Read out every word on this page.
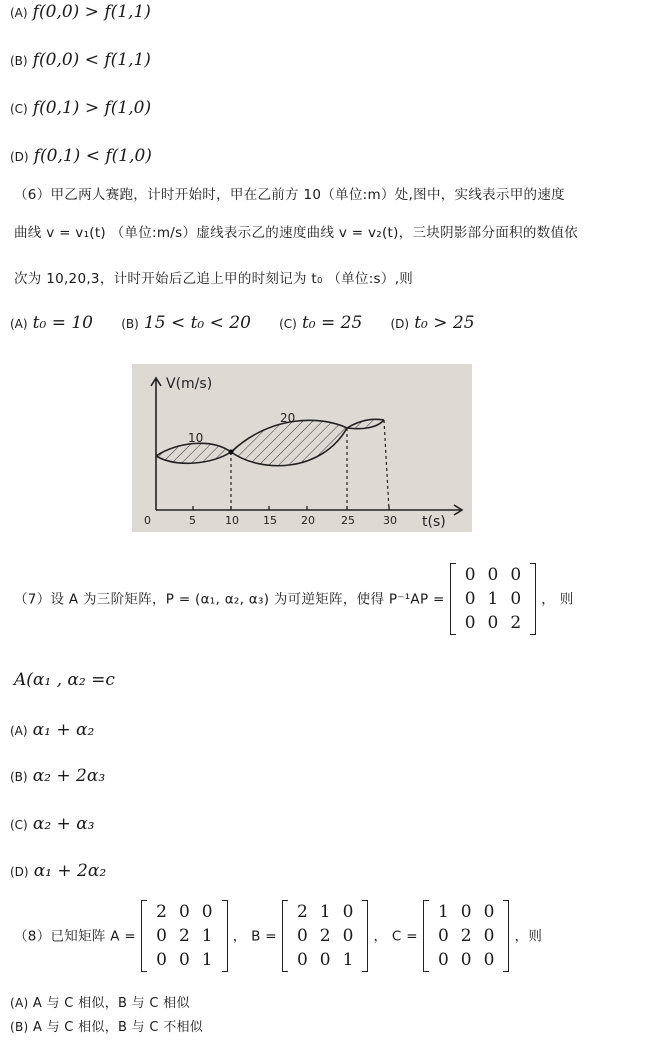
(A) f(0,0) > f(1,1)
(B) f(0,0) < f(1,1)
(C) f(0,1) > f(1,0)
(D) f(0,1) < f(1,0)
（6）甲乙两人赛跑，计时开始时，甲在乙前方 10（单位:m）处,图中，实线表示甲的速度
曲线 v = v₁(t) （单位:m/s）虚线表示乙的速度曲线 v = v₂(t)，三块阴影部分面积的数值依
次为 10,20,3，计时开始后乙追上甲的时刻记为 t₀ （单位:s）,则
(A) t₀ = 10 (B) 15 < t₀ < 20 (C) t₀ = 25 (D) t₀ > 25
V(m/s)
t(s)
10
20
0	5	10 15 20 25	30
（7）设 A 为三阶矩阵，P = (α₁, α₂, α₃) 为可逆矩阵，使得 P⁻¹AP =
0	0	0
0	1	0
0	0	2
， 则
A(α₁ , α₂ =c
(A) α₁ + α₂
(B) α₂ + 2α₃
(C) α₂ + α₃
(D) α₁ + 2α₂
（8）已知矩阵 A =
2	0	0
0	2	1
0	0	1
， B =
2	1	0
0	2	0
0	0	1
， C =
1	0	0
0	2	0
0	0	0
，则
(A) A 与 C 相似，B 与 C 相似
(B) A 与 C 相似，B 与 C 不相似
